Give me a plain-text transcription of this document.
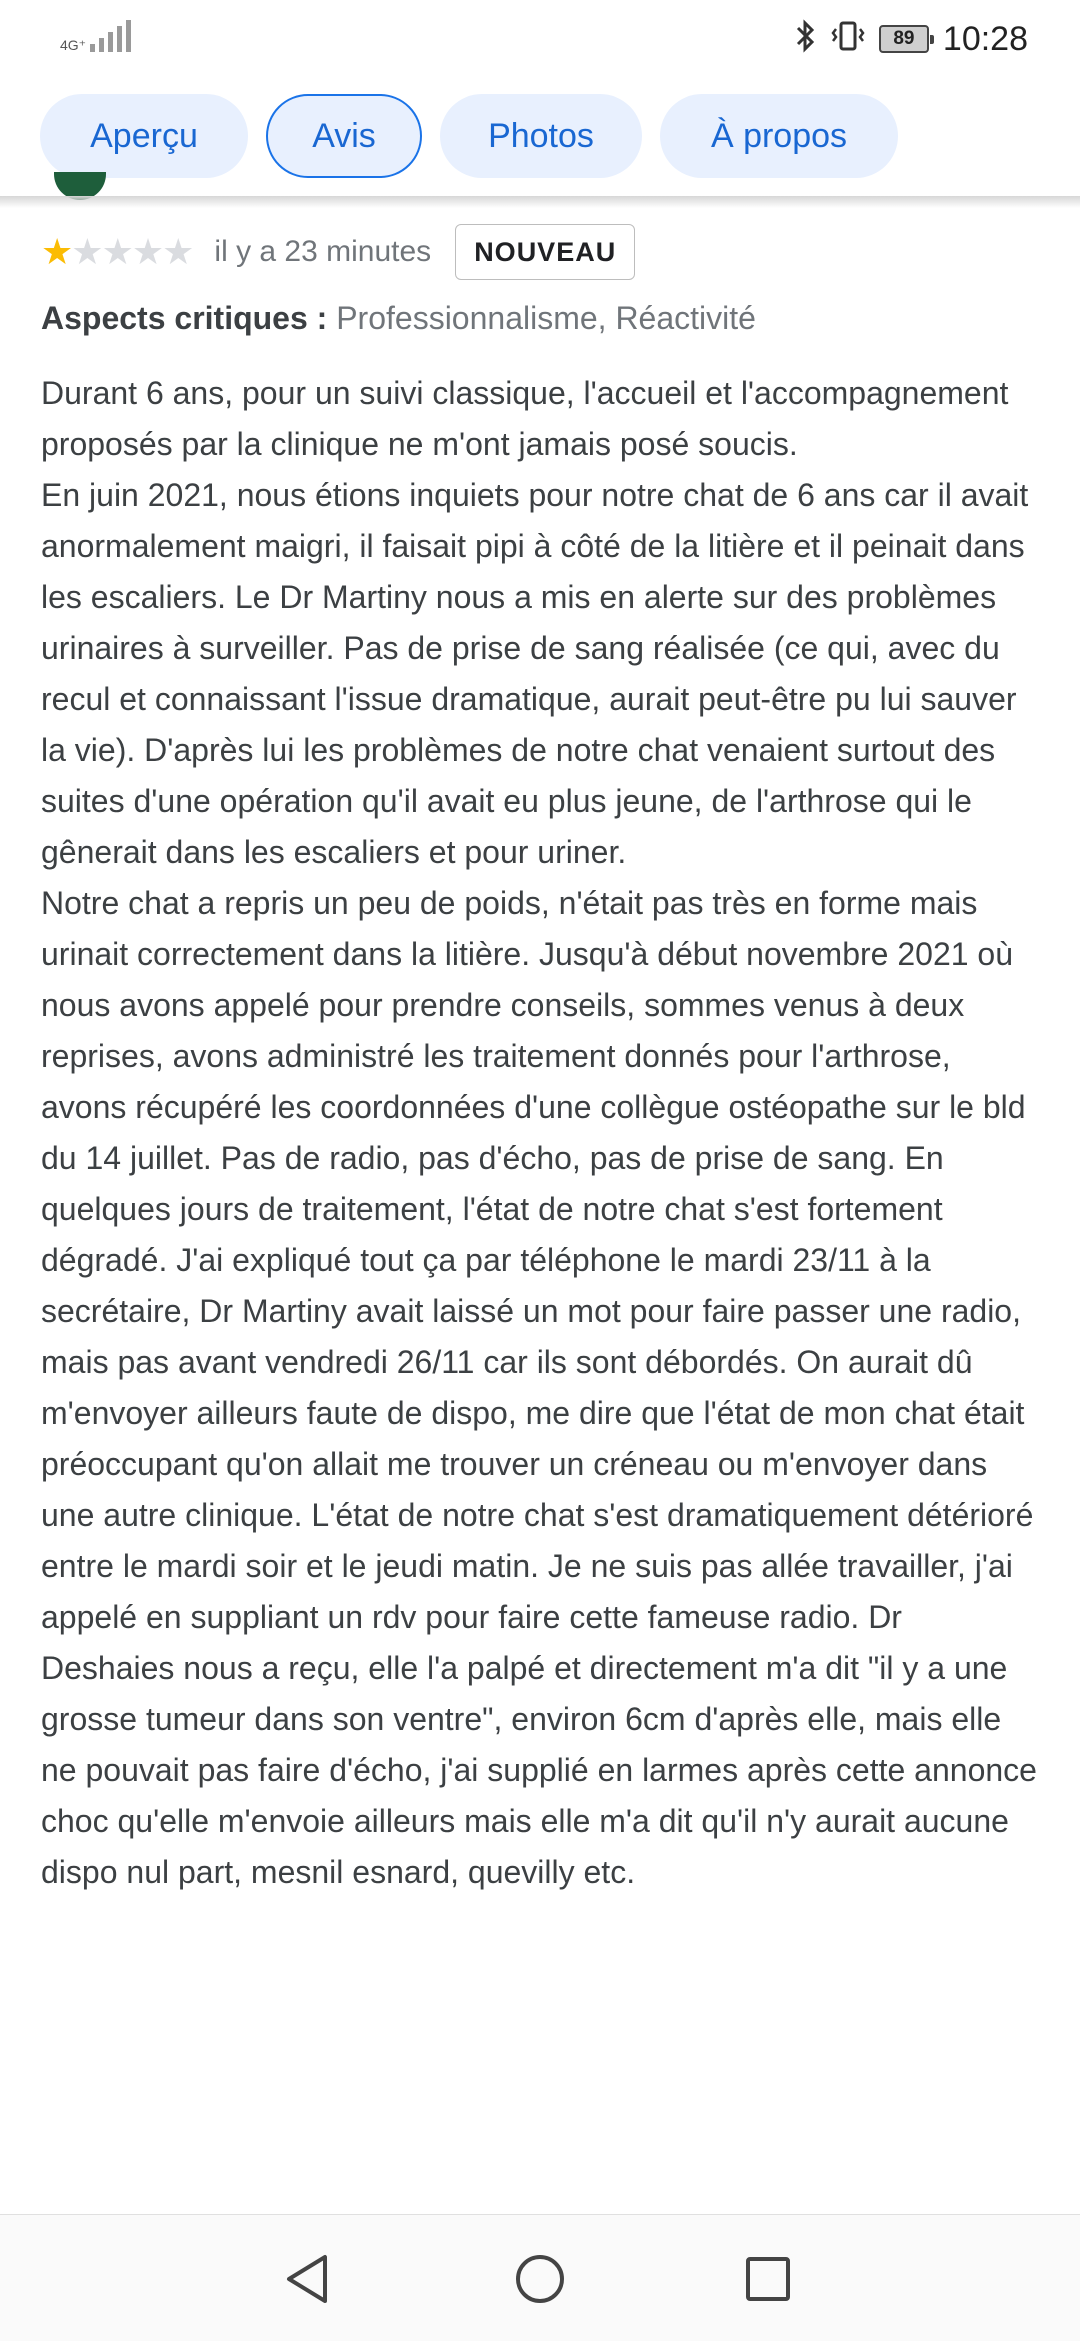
4G⁺	89 10:28
Aperçu	Avis	Photos	À propos
★★★★★ il y a 23 minutes	NOUVEAU
Aspects critiques : Professionnalisme, Réactivité

Durant 6 ans, pour un suivi classique, l'accueil et l'accompagnement proposés par la clinique ne m'ont jamais posé soucis.

En juin 2021, nous étions inquiets pour notre chat de 6 ans car il avait anormalement maigri, il faisait pipi à côté de la litière et il peinait dans les escaliers. Le Dr Martiny nous a mis en alerte sur des problèmes urinaires à surveiller. Pas de prise de sang réalisée (ce qui, avec du recul et connaissant l'issue dramatique, aurait peut-être pu lui sauver la vie). D'après lui les problèmes de notre chat venaient surtout des suites d'une opération qu'il avait eu plus jeune, de l'arthrose qui le gênerait dans les escaliers et pour uriner.

Notre chat a repris un peu de poids, n'était pas très en forme mais urinait correctement dans la litière. Jusqu'à début novembre 2021 où nous avons appelé pour prendre conseils, sommes venus à deux reprises, avons administré les traitement donnés pour l'arthrose, avons récupéré les coordonnées d'une collègue ostéopathe sur le bld du 14 juillet. Pas de radio, pas d'écho, pas de prise de sang. En quelques jours de traitement, l'état de notre chat s'est fortement dégradé. J'ai expliqué tout ça par téléphone le mardi 23/11 à la secrétaire, Dr Martiny avait laissé un mot pour faire passer une radio, mais pas avant vendredi 26/11 car ils sont débordés. On aurait dû m'envoyer ailleurs faute de dispo, me dire que l'état de mon chat était préoccupant qu'on allait me trouver un créneau ou m'envoyer dans une autre clinique. L'état de notre chat s'est dramatiquement détérioré entre le mardi soir et le jeudi matin. Je ne suis pas allée travailler, j'ai appelé en suppliant un rdv pour faire cette fameuse radio. Dr Deshaies nous a reçu, elle l'a palpé et directement m'a dit "il y a une grosse tumeur dans son ventre", environ 6cm d'après elle, mais elle ne pouvait pas faire d'écho, j'ai supplié en larmes après cette annonce choc qu'elle m'envoie ailleurs mais elle m'a dit qu'il n'y aurait aucune dispo nul part, mesnil esnard, quevilly etc.
